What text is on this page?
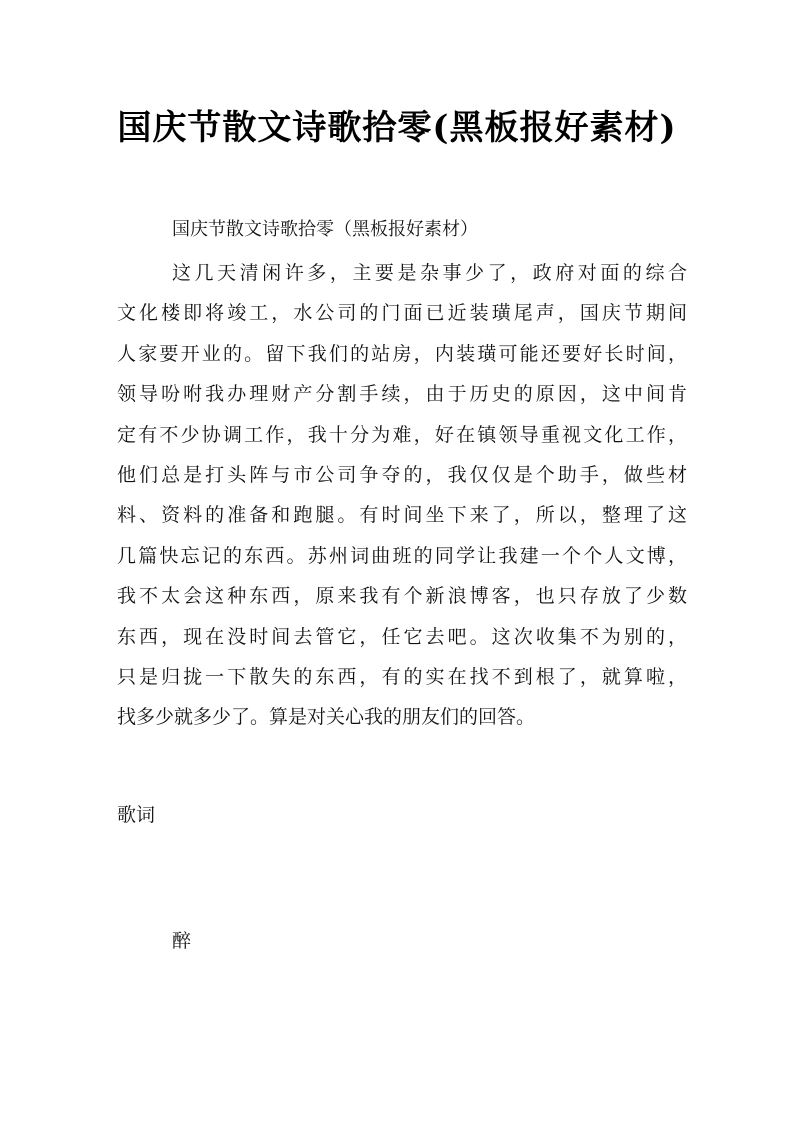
国庆节散文诗歌拾零(黑板报好素材)
国庆节散文诗歌拾零（黑板报好素材）
这几天清闲许多，主要是杂事少了，政府对面的综合
文化楼即将竣工，水公司的门面已近装璜尾声，国庆节期间
人家要开业的。留下我们的站房，内装璜可能还要好长时间，
领导吩咐我办理财产分割手续，由于历史的原因，这中间肯
定有不少协调工作，我十分为难，好在镇领导重视文化工作，
他们总是打头阵与市公司争夺的，我仅仅是个助手，做些材
料、资料的准备和跑腿。有时间坐下来了，所以，整理了这
几篇快忘记的东西。苏州词曲班的同学让我建一个个人文博，
我不太会这种东西，原来我有个新浪博客，也只存放了少数
东西，现在没时间去管它，任它去吧。这次收集不为别的，
只是归拢一下散失的东西，有的实在找不到根了，就算啦，
找多少就多少了。算是对关心我的朋友们的回答。
歌词
醉
